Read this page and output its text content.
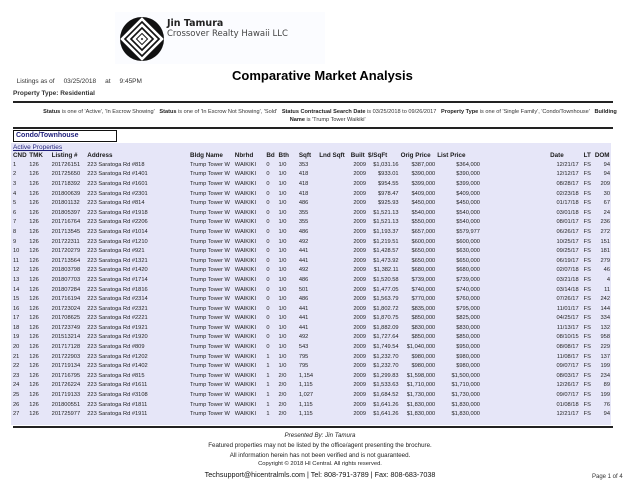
Jin Tamura
Crossover Realty Hawaii LLC

Listings as of 03/25/2018 at 9:45PM	Comparative Market Analysis
Property Type: Residential
Status is one of 'Active', 'In Escrow Showing' Status is one of 'In Escrow Not Showing', 'Sold' Status Contractual Search Date is 03/25/2018 to 09/26/2017 Property Type is one of 'Single Family', 'Condo/Townhouse' Building Name is 'Trump Tower Waikiki'
Condo/Townhouse
Active Properties
CND	TMK	Listing #	Address	Bldg Name	Nbrhd	Bd	Bth	Sqft	Lnd Sqft	Built	$/SqFt	Orig Price	List Price		Date	LT	DOM
1	126	201726151	223 Saratoga Rd #818	Trump Tower W	WAIKIKI	0	1/0	353		2009	$1,031.16	$387,000	$364,000		12/21/17	FS	94
2	126	201725650	223 Saratoga Rd #1401	Trump Tower W	WAIKIKI	0	1/0	418		2009	$933.01	$390,000	$390,000		12/12/17	FS	94
3	126	201718392	223 Saratoga Rd #1601	Trump Tower W	WAIKIKI	0	1/0	418		2009	$954.55	$399,000	$399,000		08/28/17	FS	209
4	126	201800639	223 Saratoga Rd #2301	Trump Tower W	WAIKIKI	0	1/0	418		2009	$978.47	$409,000	$409,000		02/23/18	FS	30
5	126	201801132	223 Saratoga Rd #814	Trump Tower W	WAIKIKI	0	1/0	486		2009	$925.93	$450,000	$450,000		01/17/18	FS	67
6	126	201805397	223 Saratoga Rd #1918	Trump Tower W	WAIKIKI	0	1/0	355		2009	$1,521.13	$540,000	$540,000		03/01/18	FS	24
7	126	201716764	223 Saratoga Rd #2206	Trump Tower W	WAIKIKI	0	1/0	355		2009	$1,521.13	$550,000	$540,000		08/01/17	FS	236
8	126	201713545	223 Saratoga Rd #1014	Trump Tower W	WAIKIKI	0	1/0	486		2009	$1,193.37	$657,000	$579,977		06/26/17	FS	272
9	126	201722311	223 Saratoga Rd #1210	Trump Tower W	WAIKIKI	0	1/0	492		2009	$1,219.51	$600,000	$600,000		10/25/17	FS	151
10	126	201720279	223 Saratoga Rd #921	Trump Tower W	WAIKIKI	0	1/0	441		2009	$1,428.57	$650,000	$630,000		09/25/17	FS	181
11	126	201713564	223 Saratoga Rd #1321	Trump Tower W	WAIKIKI	0	1/0	441		2009	$1,473.92	$650,000	$650,000		06/19/17	FS	279
12	126	201803798	223 Saratoga Rd #1420	Trump Tower W	WAIKIKI	0	1/0	492		2009	$1,382.11	$680,000	$680,000		02/07/18	FS	46
13	126	201807703	223 Saratoga Rd #1714	Trump Tower W	WAIKIKI	0	1/0	486		2009	$1,520.58	$739,000	$739,000		03/21/18	FS	4
14	126	201807284	223 Saratoga Rd #1816	Trump Tower W	WAIKIKI	0	1/0	501		2009	$1,477.05	$740,000	$740,000		03/14/18	FS	11
15	126	201716194	223 Saratoga Rd #2314	Trump Tower W	WAIKIKI	0	1/0	486		2009	$1,563.79	$770,000	$760,000		07/26/17	FS	242
16	126	201723024	223 Saratoga Rd #2321	Trump Tower W	WAIKIKI	0	1/0	441		2009	$1,802.72	$835,000	$795,000		11/01/17	FS	144
17	126	201708625	223 Saratoga Rd #2221	Trump Tower W	WAIKIKI	0	1/0	441		2009	$1,870.75	$850,000	$825,000		04/25/17	FS	334
18	126	201723749	223 Saratoga Rd #1921	Trump Tower W	WAIKIKI	0	1/0	441		2009	$1,882.09	$830,000	$830,000		11/13/17	FS	132
19	126	201513214	223 Saratoga Rd #1920	Trump Tower W	WAIKIKI	0	1/0	492		2009	$1,727.64	$850,000	$850,000		08/10/15	FS	958
20	126	201717128	223 Saratoga Rd #809	Trump Tower W	WAIKIKI	0	1/0	543		2009	$1,749.54	$1,040,000	$950,000		08/08/17	FS	229
21	126	201722903	223 Saratoga Rd #1202	Trump Tower W	WAIKIKI	1	1/0	795		2009	$1,232.70	$980,000	$980,000		11/08/17	FS	137
22	126	201719134	223 Saratoga Rd #1402	Trump Tower W	WAIKIKI	1	1/0	795		2009	$1,232.70	$980,000	$980,000		09/07/17	FS	199
23	126	201716795	223 Saratoga Rd #815	Trump Tower W	WAIKIKI	1	2/0	1,154		2009	$1,299.83	$1,598,000	$1,500,000		08/03/17	FS	234
24	126	201726224	223 Saratoga Rd #1611	Trump Tower W	WAIKIKI	1	2/0	1,115		2009	$1,533.63	$1,710,000	$1,710,000		12/26/17	FS	89
25	126	201719133	223 Saratoga Rd #3108	Trump Tower W	WAIKIKI	1	2/0	1,027		2009	$1,684.52	$1,730,000	$1,730,000		09/07/17	FS	199
26	126	201800551	223 Saratoga Rd #1811	Trump Tower W	WAIKIKI	1	2/0	1,115		2009	$1,641.26	$1,830,000	$1,830,000		01/08/18	FS	76
27	126	201725977	223 Saratoga Rd #1911	Trump Tower W	WAIKIKI	1	2/0	1,115		2009	$1,641.26	$1,830,000	$1,830,000		12/21/17	FS	94
Presented By: Jin Tamura
Featured properties may not be listed by the office/agent presenting the brochure.
All information herein has not been verified and is not guaranteed.
Copyright © 2018 HI Central. All rights reserved.
Techsupport@hicentralmls.com | Tel: 808-791-3789 | Fax: 808-683-7038	Page 1 of 4
